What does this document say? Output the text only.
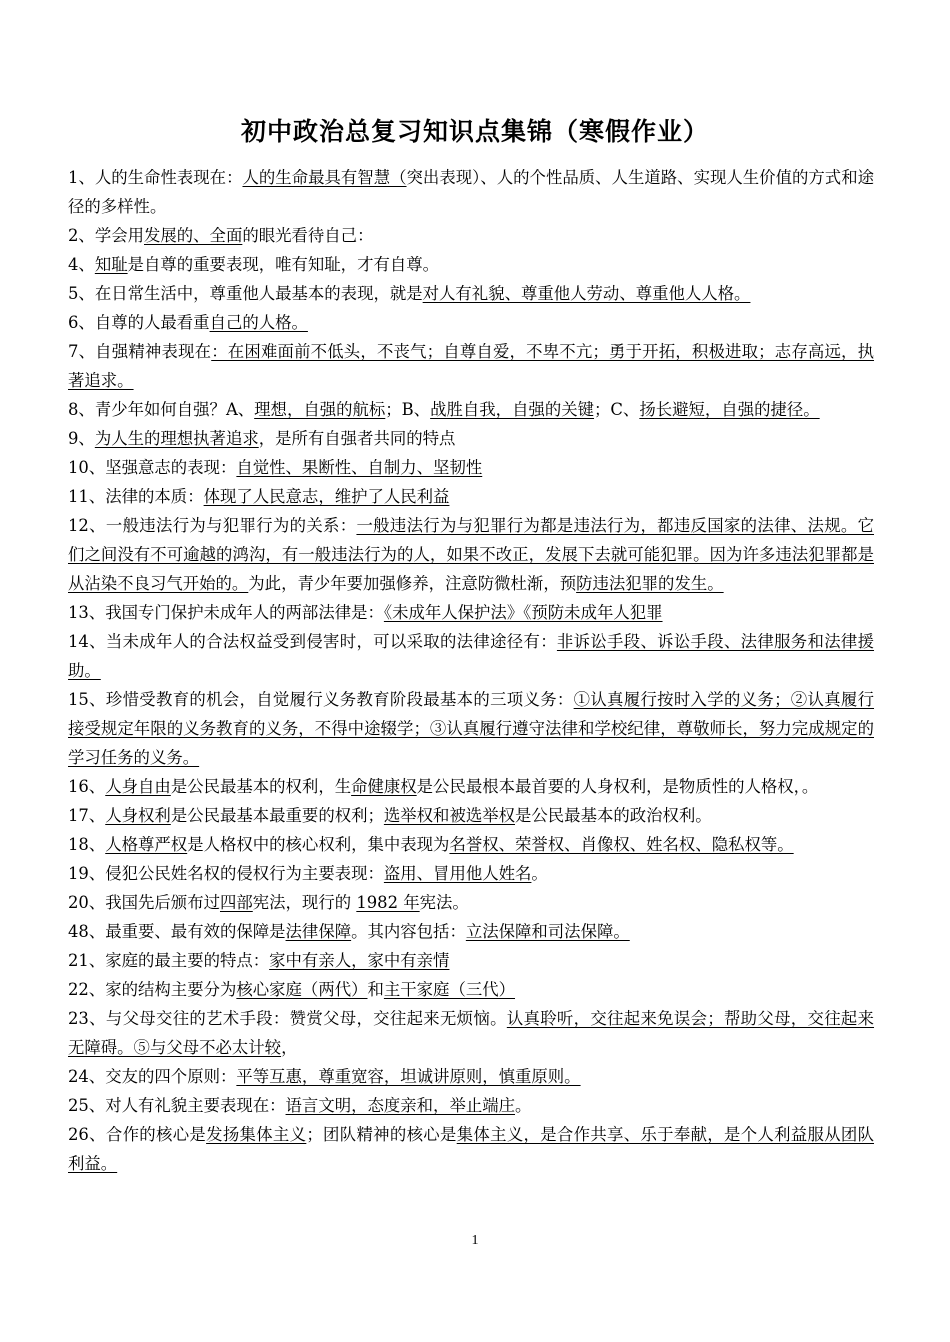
初中政治总复习知识点集锦（寒假作业）

1、人的生命性表现在：人的生命最具有智慧（突出表现）、人的个性品质、人生道路、实现人生价值的方式和途径的多样性。

2、学会用发展的、全面的眼光看待自己：

4、知耻是自尊的重要表现，唯有知耻，才有自尊。

5、在日常生活中，尊重他人最基本的表现，就是对人有礼貌、尊重他人劳动、尊重他人人格。

6、自尊的人最看重自己的人格。

7、自强精神表现在：在困难面前不低头，不丧气；自尊自爱，不卑不亢；勇于开拓，积极进取；志存高远，执著追求。

8、青少年如何自强？A、理想，自强的航标；B、战胜自我，自强的关键；C、扬长避短，自强的捷径。

9、为人生的理想执著追求，是所有自强者共同的特点

10、坚强意志的表现：自觉性、果断性、自制力、坚韧性

11、法律的本质：体现了人民意志，维护了人民利益

12、一般违法行为与犯罪行为的关系：一般违法行为与犯罪行为都是违法行为，都违反国家的法律、法规。它们之间没有不可逾越的鸿沟，有一般违法行为的人，如果不改正，发展下去就可能犯罪。因为许多违法犯罪都是从沾染不良习气开始的。为此，青少年要加强修养，注意防微杜渐，预防违法犯罪的发生。

13、我国专门保护未成年人的两部法律是：《未成年人保护法》《预防未成年人犯罪

14、当未成年人的合法权益受到侵害时，可以采取的法律途径有：非诉讼手段、诉讼手段、法律服务和法律援助。

15、珍惜受教育的机会，自觉履行义务教育阶段最基本的三项义务：①认真履行按时入学的义务；②认真履行接受规定年限的义务教育的义务，不得中途辍学；③认真履行遵守法律和学校纪律，尊敬师长，努力完成规定的学习任务的义务。

16、人身自由是公民最基本的权利，生命健康权是公民最根本最首要的人身权利，是物质性的人格权，。

17、人身权利是公民最基本最重要的权利；选举权和被选举权是公民最基本的政治权利。

18、人格尊严权是人格权中的核心权利，集中表现为名誉权、荣誉权、肖像权、姓名权、隐私权等。

19、侵犯公民姓名权的侵权行为主要表现：盗用、冒用他人姓名。

20、我国先后颁布过四部宪法，现行的 1982 年宪法。

48、最重要、最有效的保障是法律保障。其内容包括：立法保障和司法保障。

21、家庭的最主要的特点：家中有亲人，家中有亲情

22、家的结构主要分为核心家庭（两代）和主干家庭（三代）

23、与父母交往的艺术手段：赞赏父母，交往起来无烦恼。认真聆听，交往起来免误会；帮助父母，交往起来无障碍。⑤与父母不必太计较，

24、交友的四个原则：平等互惠，尊重宽容，坦诚讲原则，慎重原则。

25、对人有礼貌主要表现在：语言文明，态度亲和，举止端庄。

26、合作的核心是发扬集体主义；团队精神的核心是集体主义，是合作共享、乐于奉献，是个人利益服从团队利益。

1
